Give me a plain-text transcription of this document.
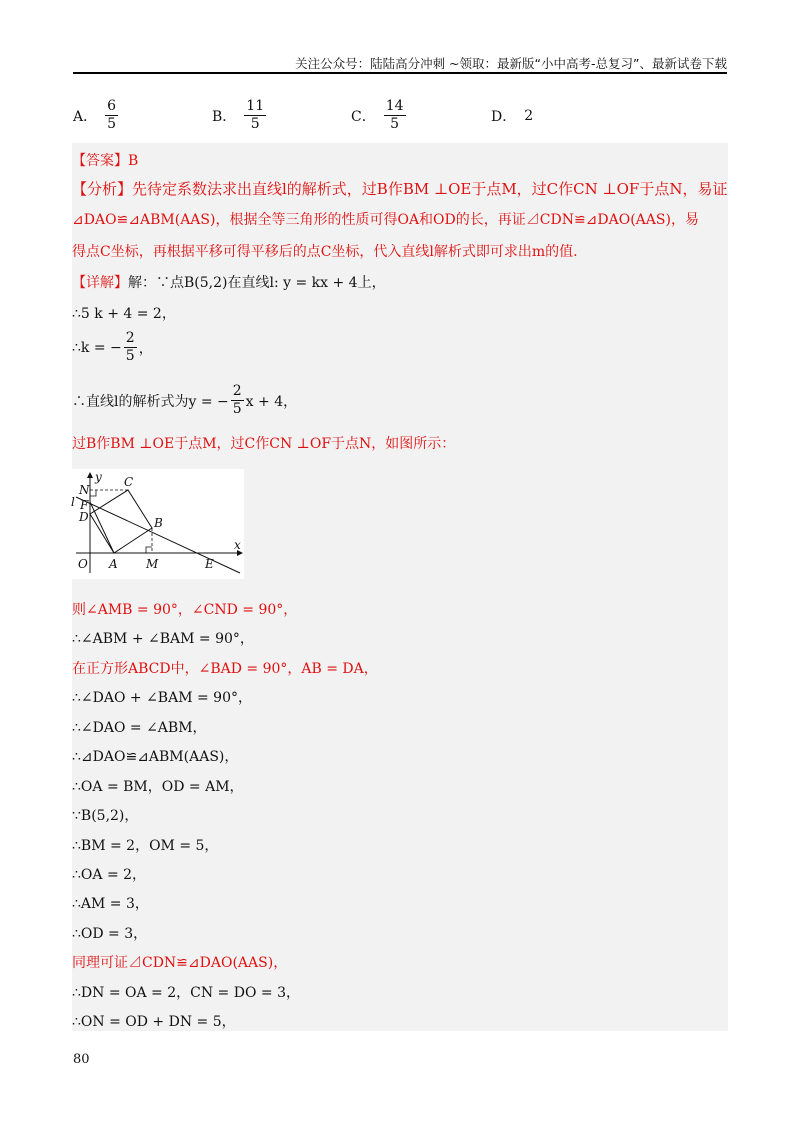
关注公众号：陆陆高分冲刺 ~领取：最新版“小中高考-总复习”、最新试卷下载
A． $\frac{6}{5}$	B． $\frac{11}{5}$	C． $\frac{14}{5}$	D． 2
【答案】B
【分析】先待定系数法求出直线l的解析式，过B作BM ⊥OE于点M，过C作CN ⊥OF于点N，易证
⊿DAO≌⊿ABM(AAS)，根据全等三角形的性质可得OA和OD的长，再证⊿CDN≌⊿DAO(AAS)，易
得点C坐标，再根据平移可得平移后的点C坐标，代入直线l解析式即可求出m的值.
【详解】解：∵点B(5,2)在直线l: y = kx + 4上，
∴5 k + 4 = 2，
∴k = − $\frac{2}{5}$ ，
∴直线l的解析式为y = − $\frac{2}{5}$ x + 4，
过B作BM ⊥OE于点M，过C作CN ⊥OF于点N，如图所示：
y
x
N
C
l F
D	B
O A M	E
则∠AMB = 90°，∠CND = 90°，
∴∠ABM + ∠BAM = 90°，
在正方形ABCD中，∠BAD = 90°，AB = DA，
∴∠DAO + ∠BAM = 90°，
∴∠DAO = ∠ABM，
∴⊿DAO≌⊿ABM(AAS)，
∴OA = BM，OD = AM，
∵B(5,2)，
∴BM = 2，OM = 5，
∴OA = 2，
∴AM = 3，
∴OD = 3，
同理可证⊿CDN≌⊿DAO(AAS)，
∴DN = OA = 2，CN = DO = 3，
∴ON = OD + DN = 5，
80
